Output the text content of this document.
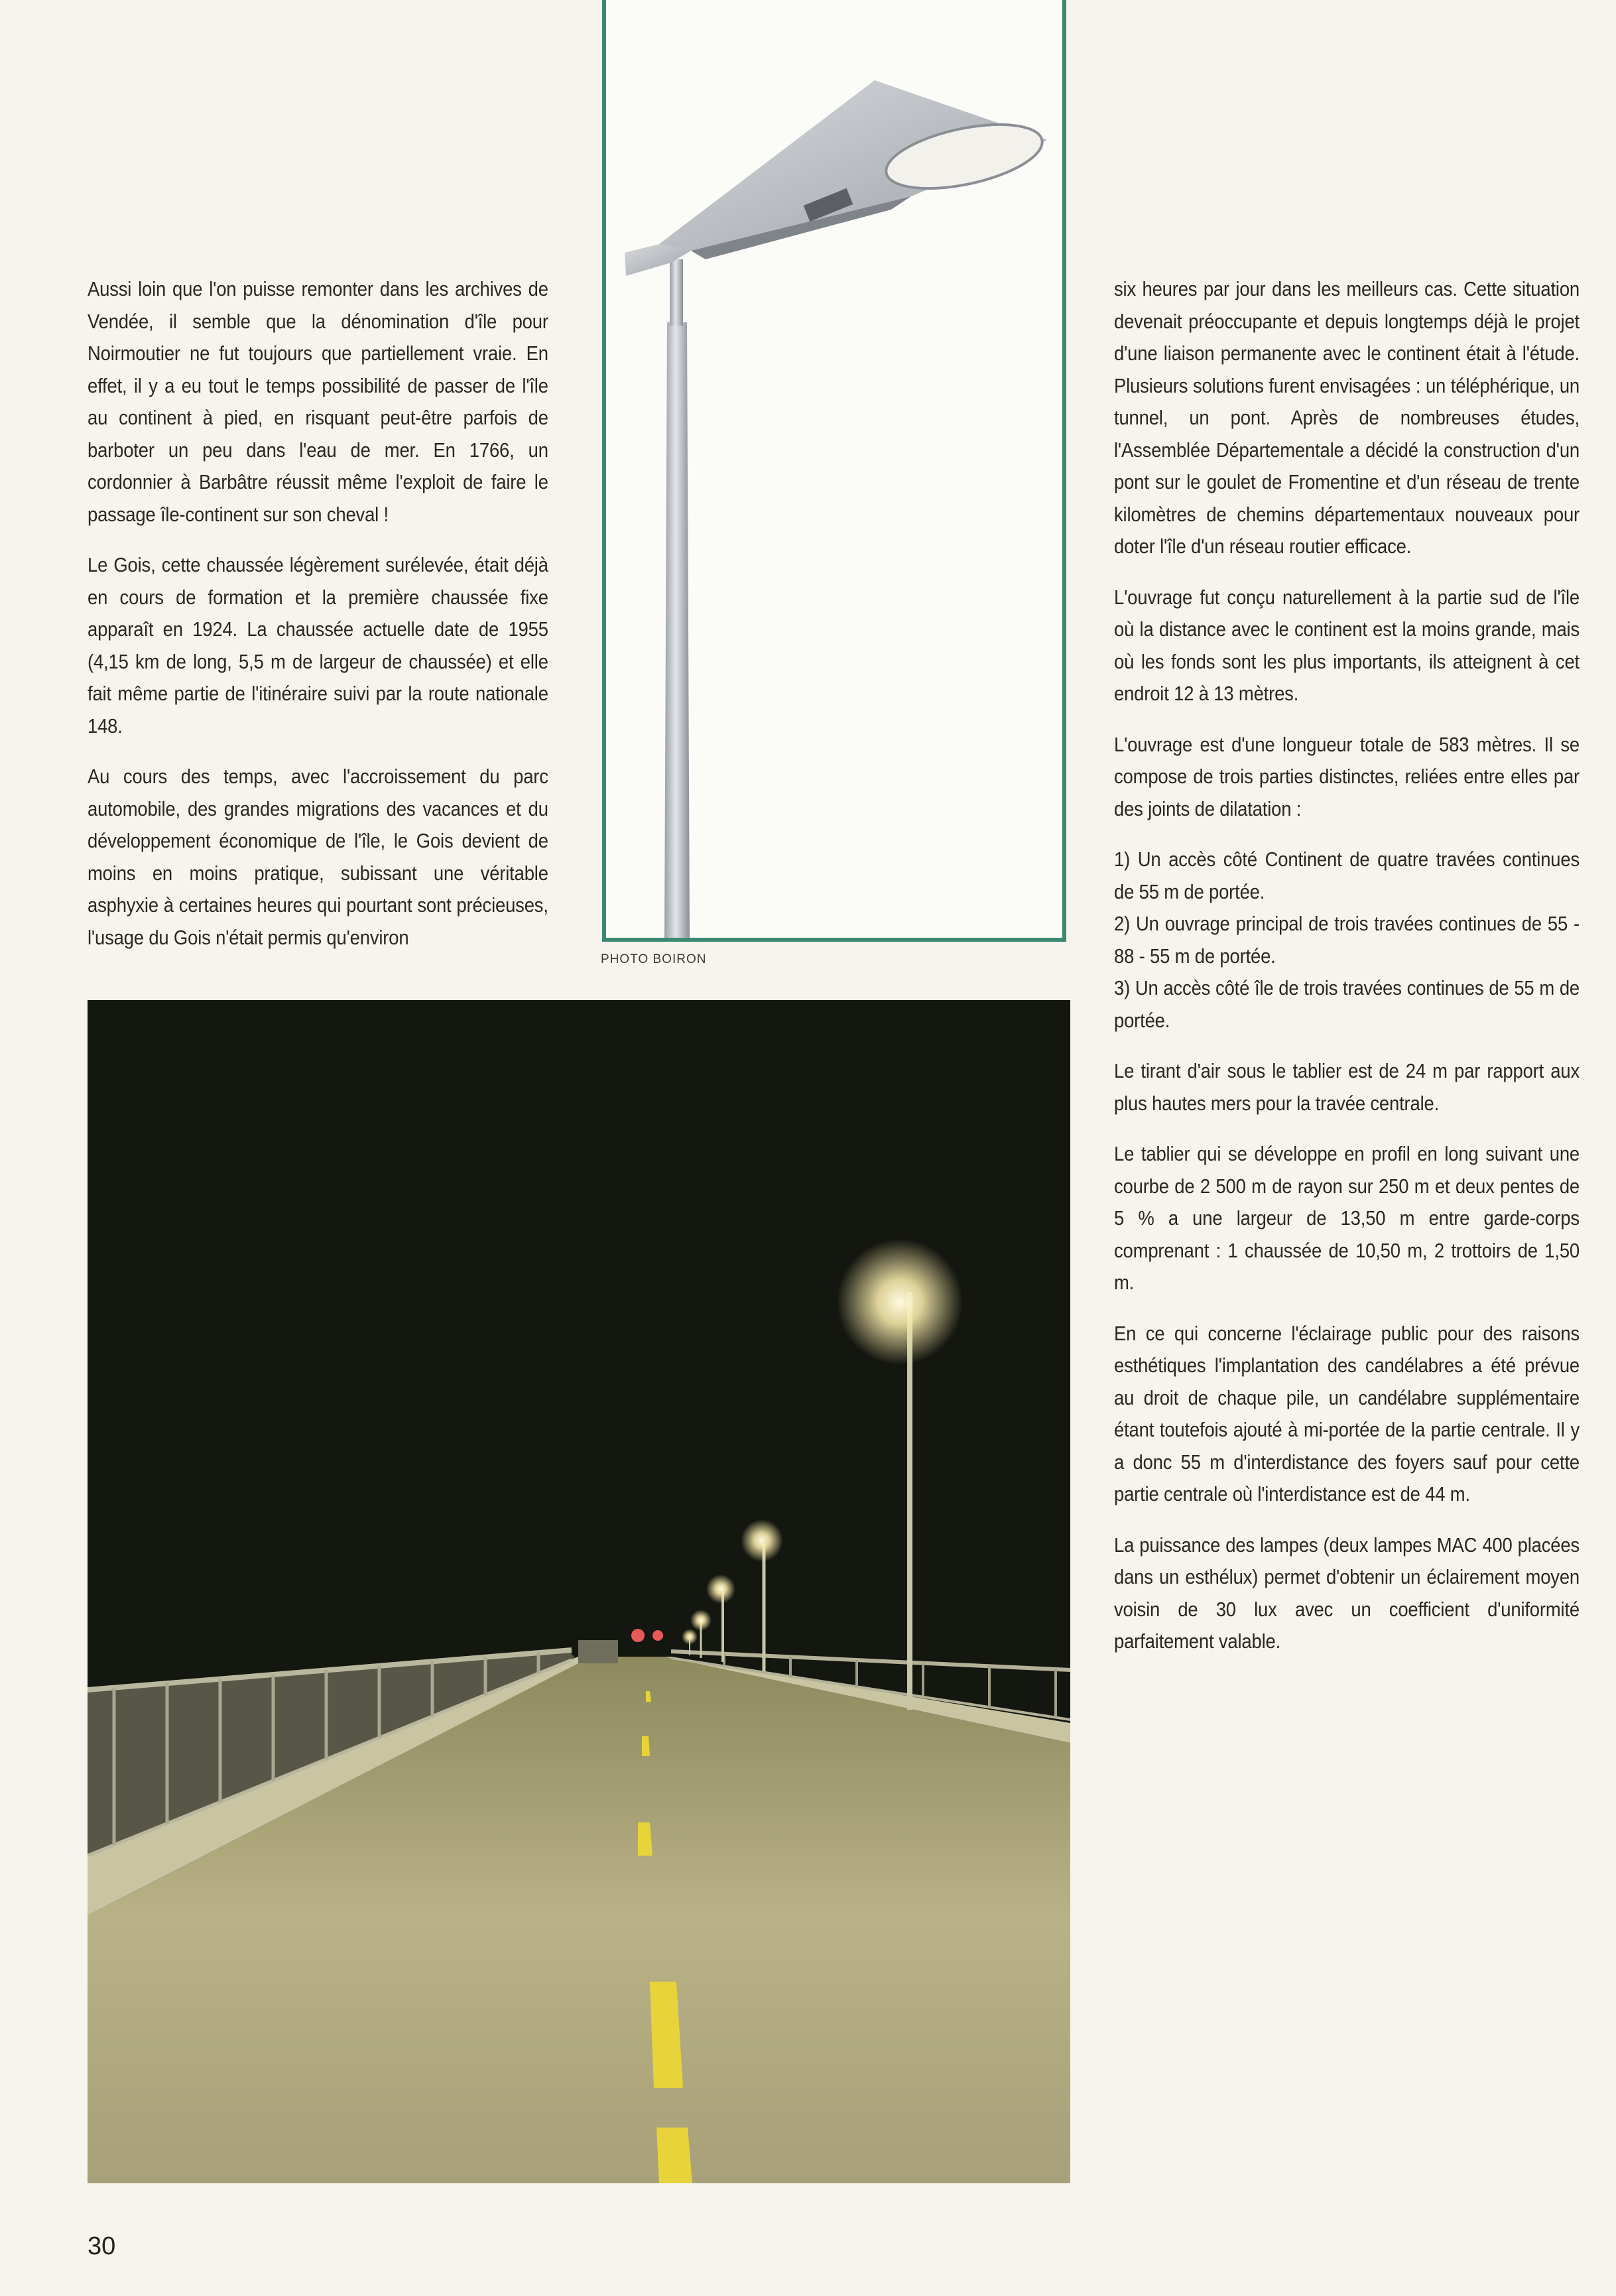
Aussi loin que l'on puisse remonter dans les archives de Vendée, il semble que la dénomination d'île pour Noirmoutier ne fut toujours que partiellement vraie. En effet, il y a eu tout le temps possibilité de passer de l'île au continent à pied, en risquant peut-être parfois de barboter un peu dans l'eau de mer. En 1766, un cordonnier à Barbâtre réussit même l'exploit de faire le passage île-continent sur son cheval !

Le Gois, cette chaussée légèrement surélevée, était déjà en cours de formation et la première chaussée fixe apparaît en 1924. La chaussée actuelle date de 1955 (4,15 km de long, 5,5 m de largeur de chaussée) et elle fait même partie de l'itinéraire suivi par la route nationale 148.

Au cours des temps, avec l'accroissement du parc automobile, des grandes migrations des vacances et du développement économique de l'île, le Gois devient de moins en moins pratique, subissant une véritable asphyxie à certaines heures qui pourtant sont précieuses, l'usage du Gois n'était permis qu'environ

PHOTO BOIRON

six heures par jour dans les meilleurs cas. Cette situation devenait préoccupante et depuis longtemps déjà le projet d'une liaison permanente avec le continent était à l'étude. Plusieurs solutions furent envisagées : un téléphérique, un tunnel, un pont. Après de nombreuses études, l'Assemblée Départementale a décidé la construction d'un pont sur le goulet de Fromentine et d'un réseau de trente kilomètres de chemins départementaux nouveaux pour doter l'île d'un réseau routier efficace.

L'ouvrage fut conçu naturellement à la partie sud de l'île où la distance avec le continent est la moins grande, mais où les fonds sont les plus importants, ils atteignent à cet endroit 12 à 13 mètres.

L'ouvrage est d'une longueur totale de 583 mètres. Il se compose de trois parties distinctes, reliées entre elles par des joints de dilatation :

1) Un accès côté Continent de quatre travées continues de 55 m de portée.

2) Un ouvrage principal de trois travées continues de 55 - 88 - 55 m de portée.

3) Un accès côté île de trois travées continues de 55 m de portée.

Le tirant d'air sous le tablier est de 24 m par rapport aux plus hautes mers pour la travée centrale.

Le tablier qui se développe en profil en long suivant une courbe de 2 500 m de rayon sur 250 m et deux pentes de 5 % a une largeur de 13,50 m entre garde-corps comprenant : 1 chaussée de 10,50 m, 2 trottoirs de 1,50 m.

En ce qui concerne l'éclairage public pour des raisons esthétiques l'implantation des candélabres a été prévue au droit de chaque pile, un candélabre supplémentaire étant toutefois ajouté à mi-portée de la partie centrale. Il y a donc 55 m d'interdistance des foyers sauf pour cette partie centrale où l'interdistance est de 44 m.

La puissance des lampes (deux lampes MAC 400 placées dans un esthélux) permet d'obtenir un éclairement moyen voisin de 30 lux avec un coefficient d'uniformité parfaitement valable.

30
